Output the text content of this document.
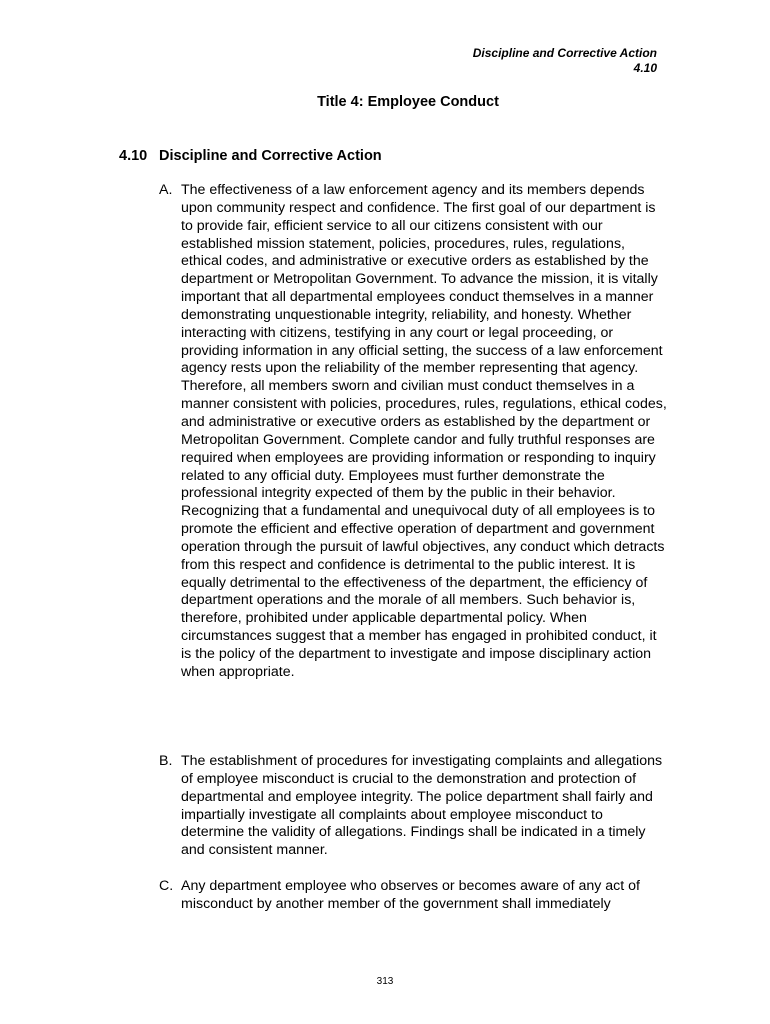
Discipline and Corrective Action
4.10
Title 4: Employee Conduct
4.10 Discipline and Corrective Action
A. The effectiveness of a law enforcement agency and its members depends upon community respect and confidence. The first goal of our department is to provide fair, efficient service to all our citizens consistent with our established mission statement, policies, procedures, rules, regulations, ethical codes, and administrative or executive orders as established by the department or Metropolitan Government. To advance the mission, it is vitally important that all departmental employees conduct themselves in a manner demonstrating unquestionable integrity, reliability, and honesty. Whether interacting with citizens, testifying in any court or legal proceeding, or providing information in any official setting, the success of a law enforcement agency rests upon the reliability of the member representing that agency. Therefore, all members sworn and civilian must conduct themselves in a manner consistent with policies, procedures, rules, regulations, ethical codes, and administrative or executive orders as established by the department or Metropolitan Government. Complete candor and fully truthful responses are required when employees are providing information or responding to inquiry related to any official duty. Employees must further demonstrate the professional integrity expected of them by the public in their behavior. Recognizing that a fundamental and unequivocal duty of all employees is to promote the efficient and effective operation of department and government operation through the pursuit of lawful objectives, any conduct which detracts from this respect and confidence is detrimental to the public interest. It is equally detrimental to the effectiveness of the department, the efficiency of department operations and the morale of all members. Such behavior is, therefore, prohibited under applicable departmental policy. When circumstances suggest that a member has engaged in prohibited conduct, it is the policy of the department to investigate and impose disciplinary action when appropriate.
B. The establishment of procedures for investigating complaints and allegations of employee misconduct is crucial to the demonstration and protection of departmental and employee integrity. The police department shall fairly and impartially investigate all complaints about employee misconduct to determine the validity of allegations. Findings shall be indicated in a timely and consistent manner.
C. Any department employee who observes or becomes aware of any act of misconduct by another member of the government shall immediately
313
